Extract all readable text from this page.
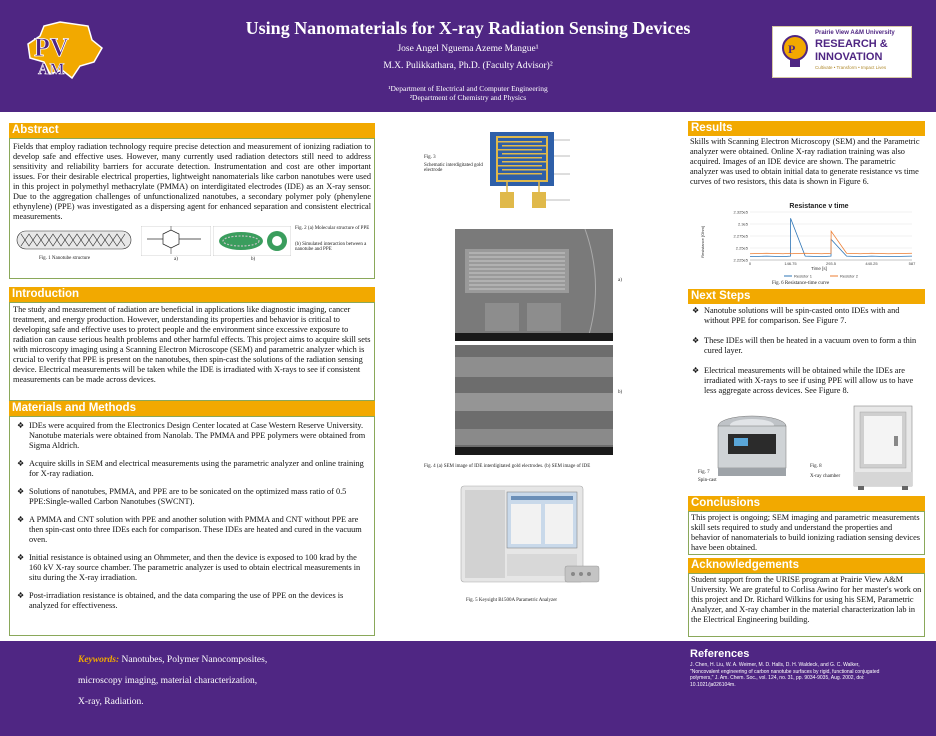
PV
AM
Using Nanomaterials for X-ray Radiation Sensing Devices
Jose Angel Nguema Azeme Mangue¹
M.X. Pulikkathara, Ph.D. (Faculty Advisor)²
¹Department of Electrical and Computer Engineering
²Department of Chemistry and Physics
P
Prairie View A&M University
RESEARCH &
INNOVATION
Cultivate • Transform • Impact Lives
Abstract
Fields that employ radiation technology require precise detection and measurement of ionizing radiation to develop safe and effective uses. However, many currently used radiation detectors still need to address sensitivity and reliability barriers for accurate detection. Instrumentation and cost are other important issues. For their desirable electrical properties, lightweight nanomaterials like carbon nanotubes were used in this project in polymethyl methacrylate (PMMA) on interdigitated electrodes (IDE) as an X-ray sensor. Due to the aggregation challenges of unfunctionalized nanotubes, a secondary polymer poly (phenylene ethynylene) (PPE) was investigated as a dispersing agent for enhanced separation and consistent electrical measurements.
Fig. 1 Nanotube structure	a)	b)
Fig. 2 (a) Molecular structure of PPE
(b) Simulated interaction between a nanotube and PPE
Introduction
The study and measurement of radiation are beneficial in applications like diagnostic imaging, cancer treatment, and energy production. However, understanding its properties and behavior is critical to developing safe and effective uses to protect people and the environment since excessive exposure to radiation can cause serious health problems and other harmful effects. This project aims to acquire skill sets with microscopy imaging using a Scanning Electron Microscope (SEM) and parametric analyzer which is crucial to verify that PPE is present on the nanotubes, then spin-cast the solutions of the radiation sensing device. Electrical measurements will be taken while the IDE is irradiated with X-rays to see if consistent measurements can be made across devices.
Materials and Methods
❖ IDEs were acquired from the Electronics Design Center located at Case Western Reserve University. Nanotube materials were obtained from Nanolab. The PMMA and PPE polymers were obtained from Sigma Aldrich.
❖ Acquire skills in SEM and electrical measurements using the parametric analyzer and online training for X-ray radiation.
❖ Solutions of nanotubes, PMMA, and PPE are to be sonicated on the optimized mass ratio of 0.5 PPE:Single-walled Carbon Nanotubes (SWCNT).
❖ A PMMA and CNT solution with PPE and another solution with PMMA and CNT without PPE are then spin-cast onto three IDEs each for comparison. These IDEs are heated and cured in the vacuum oven.
❖ Initial resistance is obtained using an Ohmmeter, and then the device is exposed to 100 krad by the 160 kV X-ray source chamber. The parametric analyzer is used to obtain electrical measurements in situ during the X-ray irradiation.
❖ Post-irradiation resistance is obtained, and the data comparing the use of PPE on the devices is analyzed for effectiveness.
Fig. 3
Schematic interdigitated gold electrode
a)
b)
Fig. 4 (a) SEM image of IDE interdigitated gold electrodes. (b) SEM image of IDE
Fig. 5 Keysight B1500A Parametric Analyzer
Results
Skills with Scanning Electron Microscopy (SEM) and the Parametric analyzer were obtained. Online X-ray radiation training was also acquired. Images of an IDE device are shown. The parametric analyzer was used to obtain initial data to generate resistance vs time curves of two resistors, this data is shown in Figure 6.
Resistance v time
Resistance [Ohm]
Time [s]
2.225e5
2.25e5
2.275e5
2.3e5
2.325e5
0	146.75	293.5	440.25	587
Resistor 1	Resistor 2
Fig. 6 Resistance-time curve
Next Steps
❖ Nanotube solutions will be spin-casted onto IDEs with and without PPE for comparison. See Figure 7.
❖ These IDEs will then be heated in a vacuum oven to form a thin cured layer.
❖ Electrical measurements will be obtained while the IDEs are irradiated with X-rays to see if using PPE will allow us to have less aggregate across devices. See Figure 8.
Fig. 7
Spin-cast
Fig. 8
X-ray chamber
Conclusions
This project is ongoing; SEM imaging and parametric measurements skill sets required to study and understand the properties and behavior of nanomaterials to build ionizing radiation sensing devices have been obtained.
Acknowledgements
Student support from the URISE program at Prairie View A&M University. We are grateful to Corlisa Awino for her master's work on this project and Dr. Richard Wilkins for using his SEM, Parametric Analyzer, and X-ray chamber in the material characterization lab in the Electrical Engineering building.
Keywords: Nanotubes, Polymer Nanocomposites,
microscopy imaging, material characterization,
X-ray, Radiation.
References
J. Chen, H. Liu, W. A. Weimer, M. D. Halls, D. H. Waldeck, and G. C. Walker, "Noncovalent engineering of carbon nanotube surfaces by rigid, functional conjugated polymers," J. Am. Chem. Soc., vol. 124, no. 31, pp. 9034-9035, Aug. 2002, doi: 10.1021/ja026104m.
